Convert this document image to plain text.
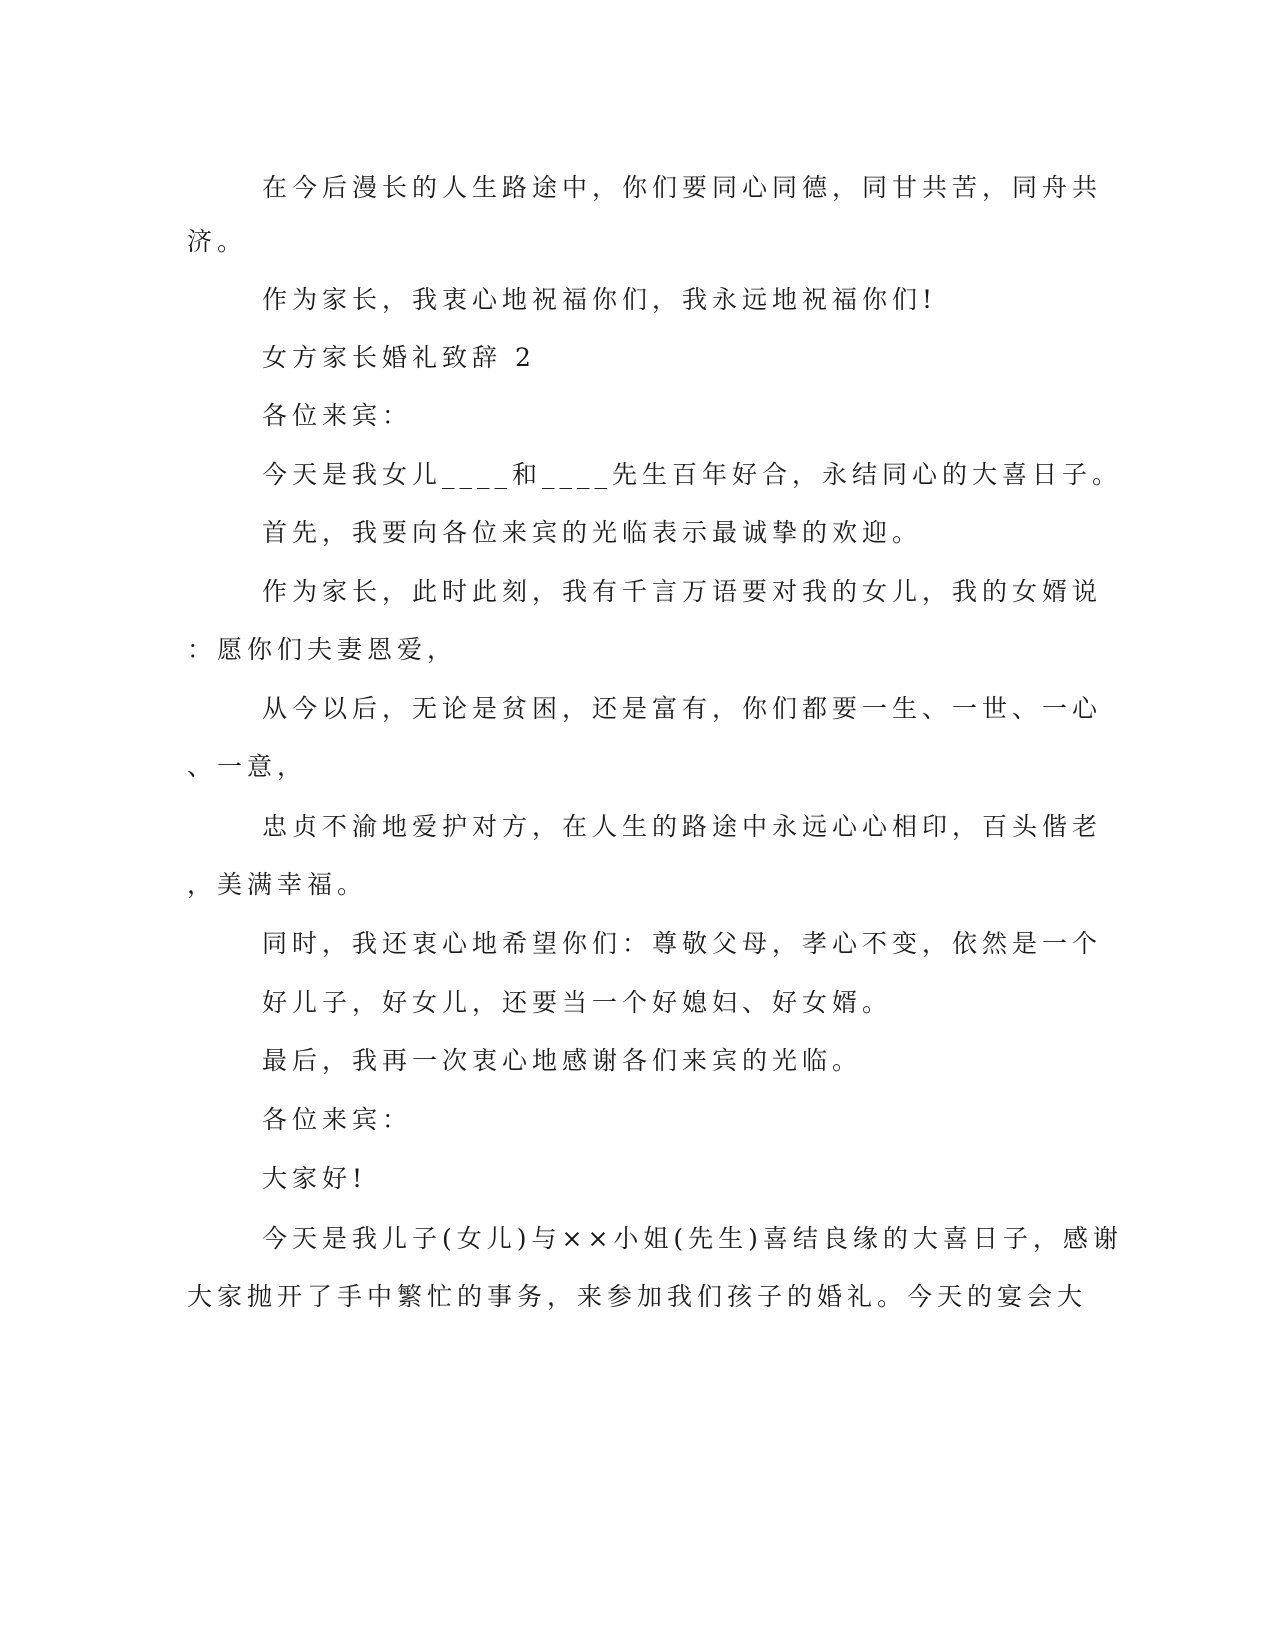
在今后漫长的人生路途中，你们要同心同德，同甘共苦，同舟共
济。
作为家长，我衷心地祝福你们，我永远地祝福你们!
女方家长婚礼致辞 2
各位来宾：
今天是我女儿____和____先生百年好合，永结同心的大喜日子。
首先，我要向各位来宾的光临表示最诚挚的欢迎。
作为家长，此时此刻，我有千言万语要对我的女儿，我的女婿说
：愿你们夫妻恩爱，
从今以后，无论是贫困，还是富有，你们都要一生、一世、一心
、一意，
忠贞不渝地爱护对方，在人生的路途中永远心心相印，百头偕老
，美满幸福。
同时，我还衷心地希望你们：尊敬父母，孝心不变，依然是一个
好儿子，好女儿，还要当一个好媳妇、好女婿。
最后，我再一次衷心地感谢各们来宾的光临。
各位来宾：
大家好!
今天是我儿子(女儿)与××小姐(先生)喜结良缘的大喜日子，感谢
大家抛开了手中繁忙的事务，来参加我们孩子的婚礼。今天的宴会大
